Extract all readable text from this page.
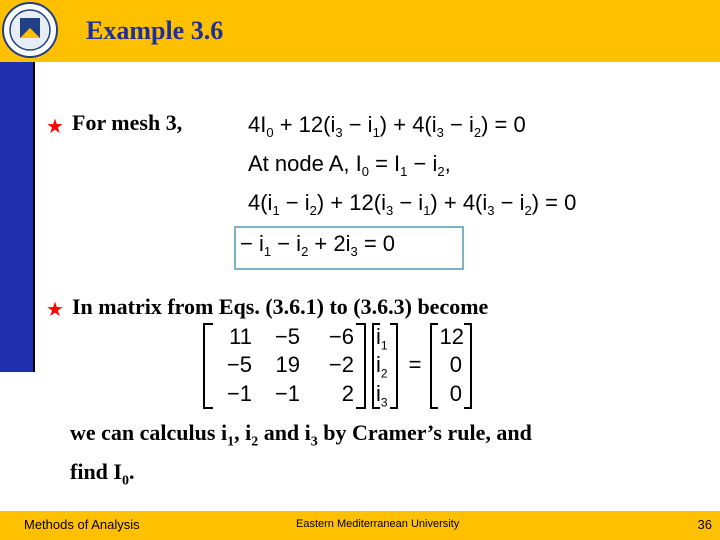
Example 3.6
★ For mesh 3,	$4I_0 + 12(i_3 - i_1) + 4(i_3 - i_2) = 0$
At node A, $I_0 = I_1 - i_2$,
$4(i_1 - i_2) + 12(i_3 - i_1) + 4(i_3 - i_2) = 0$
− $i_1 - i_2 + 2i_3 = 0$
★ In matrix from Eqs. (3.6.1) to (3.6.3) become
11	−5	−6
−5	19	−2
−1	−1	2
$i_1$
$i_2$
$i_3$
=
12
0
0
we can calculus $i_1$, $i_2$ and $i_3$ by Cramer’s rule, and
find $I_0$.
Methods of Analysis	Eastern Mediterranean University	36
